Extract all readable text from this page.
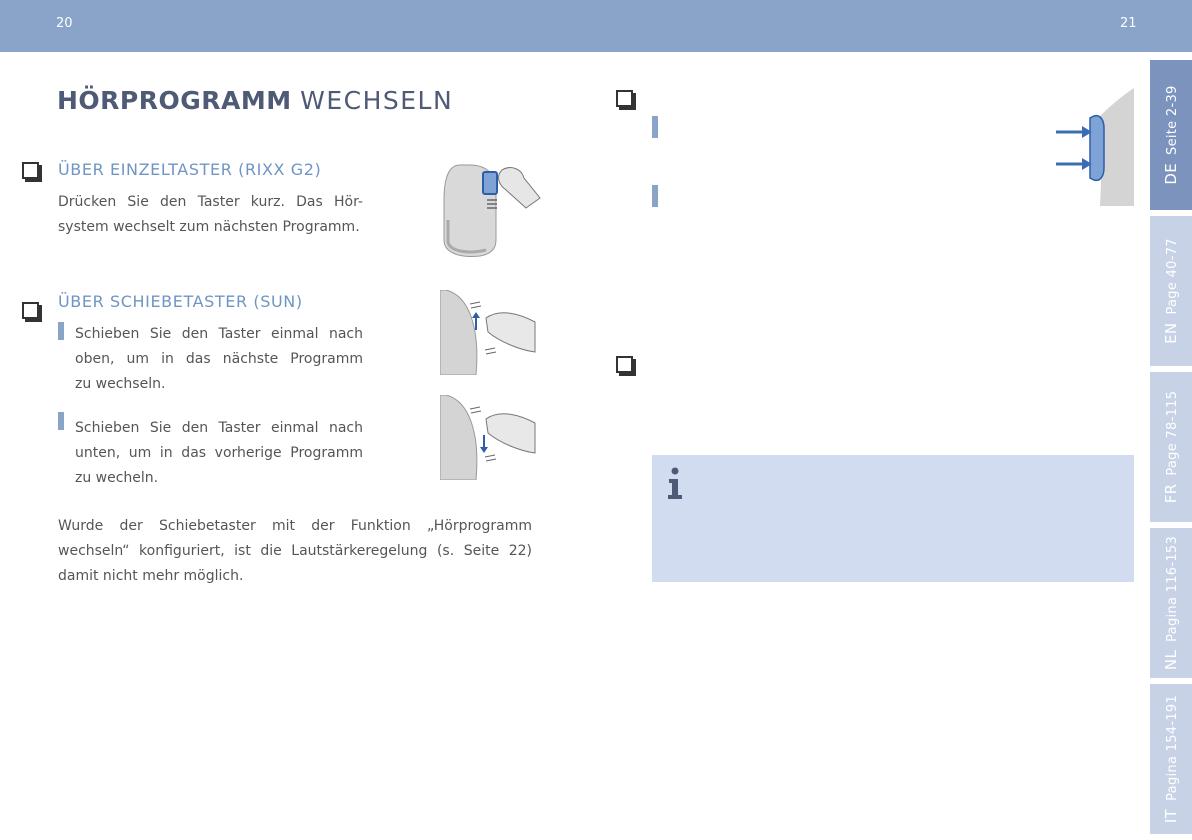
20	21
HÖRPROGRAMM WECHSELN
ÜBER EINZELTASTER (RIXX G2)
Drücken Sie den Taster kurz. Das Hör-
system wechselt zum nächsten Programm.
ÜBER SCHIEBETASTER (SUN)
Schieben Sie den Taster einmal nach
oben, um in das nächste Programm
zu wechseln.
Schieben Sie den Taster einmal nach
unten, um in das vorherige Programm
zu wecheln.
Wurde der Schiebetaster mit der Funktion „Hörprogramm
wechseln“ konfiguriert, ist die Lautstärkeregelung (s. Seite 22)
damit nicht mehr möglich.
DESeite 2-39
ENPage 40-77
FRPage 78-115
NLPagina 116-153
ITPagina 154-191
